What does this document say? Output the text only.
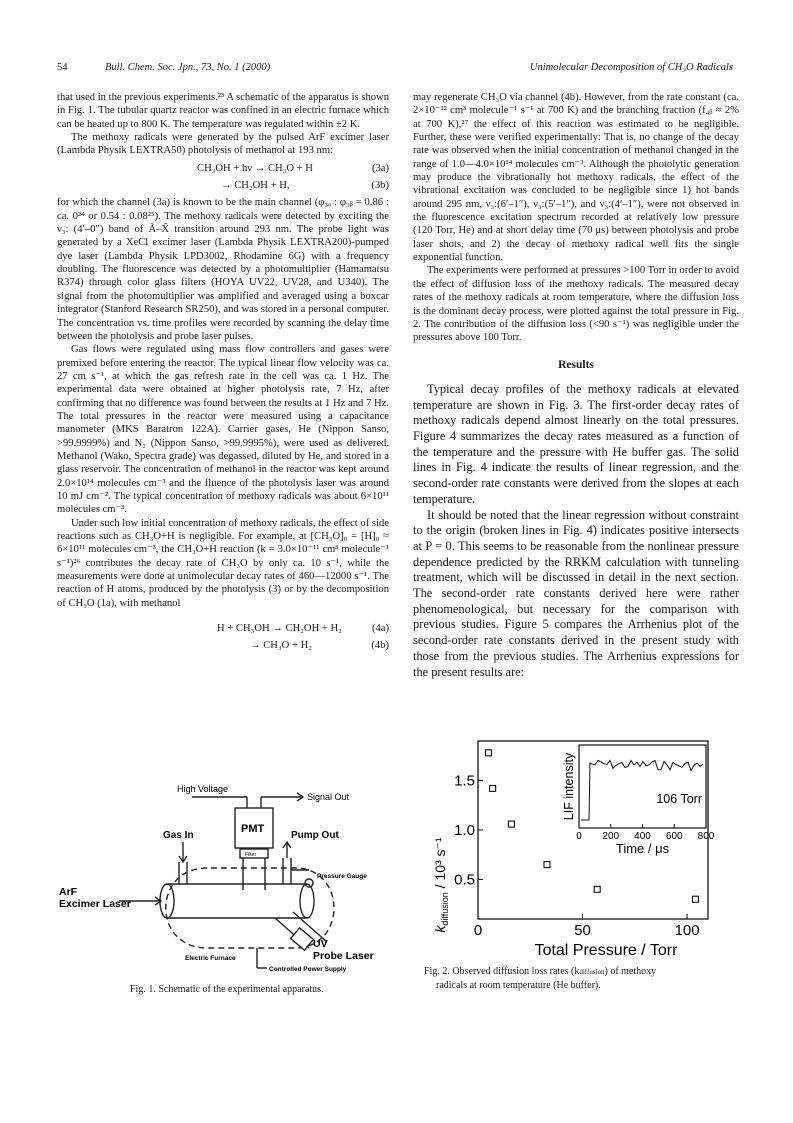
54	Bull. Chem. Soc. Jpn., 73, No. 1 (2000)	Unimolecular Decomposition of CH₃O Radicals

that used in the previous experiments.²³ A schematic of the apparatus is shown in Fig. 1. The tubular quartz reactor was confined in an electric furnace which can be heated up to 800 K. The temperature was regulated within ±2 K.

The methoxy radicals were generated by the pulsed ArF excimer laser (Lambda Physik LEXTRA50) photolysis of methanol at 193 nm:

CH₃OH + hν → CH₃O + H	(3a)
→ CH₂OH + H,	(3b)

for which the channel (3a) is known to be the main channel (φ₃ₐ : φ₃ᵦ = 0.86 : ca. 0²⁴ or 0.54 : 0.08²⁵). The methoxy radicals were detected by exciting the ν₃: (4′–0″) band of Ã–X̃ transition around 293 nm. The probe light was generated by a XeCl excimer laser (Lambda Physik LEXTRA200)-pumped dye laser (Lambda Physik LPD3002, Rhodamine 6G) with a frequency doubling. The fluorescence was detected by a photomultiplier (Hamamatsu R374) through color glass filters (HOYA UV22, UV28, and U340). The signal from the photomultiplier was amplified and averaged using a boxcar integrator (Stanford Research SR250), and was stored in a personal computer. The concentration vs. time profiles were recorded by scanning the delay time between the photolysis and probe laser pulses.

Gas flows were regulated using mass flow controllers and gases were premixed before entering the reactor. The typical linear flow velocity was ca. 27 cm s⁻¹, at which the gas refresh rate in the cell was ca. 1 Hz. The experimental data were obtained at higher photolysis rate, 7 Hz, after confirming that no difference was found between the results at 1 Hz and 7 Hz. The total pressures in the reactor were measured using a capacitance manometer (MKS Baratron 122A). Carrier gases, He (Nippon Sanso, >99.9999%) and N₂ (Nippon Sanso, >99.9995%), were used as delivered. Methanol (Wako, Spectra grade) was degassed, diluted by He, and stored in a glass reservoir. The concentration of methanol in the reactor was kept around 2.0×10¹⁴ molecules cm⁻³ and the fluence of the photolysis laser was around 10 mJ cm⁻². The typical concentration of methoxy radicals was about 6×10¹¹ molecules cm⁻³.

Under such low initial concentration of methoxy radicals, the effect of side reactions such as CH₃O+H is negligible. For example, at [CH₃O]₀ = [H]₀ ≈ 6×10¹¹ molecules cm⁻³, the CH₃O+H reaction (k = 3.0×10⁻¹¹ cm³ molecule⁻¹ s⁻¹)²⁶ contributes the decay rate of CH₃O by only ca. 10 s⁻¹, while the measurements were done at unimolecular decay rates of 460—12000 s⁻¹. The reaction of H atoms, produced by the photolysis (3) or by the decomposition of CH₃O (1a), with methanol

H + CH₃OH → CH₂OH + H₂	(4a)
→ CH₃O + H₂	(4b)
High Voltage
Signal Out
PMT
Filter
Gas In	Pump Out
Pressure Gauge
ArF
Excimer Laser
UV
Probe Laser
Electric Furnace
Controlled Power Supply
Fig. 1. Schematic of the experimental apparatus.

may regenerate CH₃O via channel (4b). However, from the rate constant (ca. 2×10⁻¹² cm³ molecule⁻¹ s⁻¹ at 700 K) and the branching fraction (f₄ᵦ ≈ 2% at 700 K),²⁷ the effect of this reaction was estimated to be negligible. Further, these were verified experimentally: That is, no change of the decay rate was observed when the initial concentration of methanol changed in the range of 1.0—4.0×10¹⁴ molecules cm⁻³. Although the photolytic generation may produce the vibrationally hot methoxy radicals, the effect of the vibrational excitation was concluded to be negligible since 1) hot bands around 295 nm, ν₃:(6′–1″), ν₃:(5′–1″), and ν₃:(4′–1″), were not observed in the fluorescence excitation spectrum recorded at relatively low pressure (120 Torr, He) and at short delay time (70 μs) between photolysis and probe laser shots, and 2) the decay of methoxy radical well fits the single exponential function.

The experiments were performed at pressures >100 Torr in order to avoid the effect of diffusion loss of the methoxy radicals. The measured decay rates of the methoxy radicals at room temperature, where the diffusion loss is the dominant decay process, were plotted against the total pressure in Fig. 2. The contribution of the diffusion loss (<90 s⁻¹) was negligible under the pressures above 100 Torr.

Results

Typical decay profiles of the methoxy radicals at elevated temperature are shown in Fig. 3. The first-order decay rates of methoxy radicals depend almost linearly on the total pressures. Figure 4 summarizes the decay rates measured as a function of the temperature and the pressure with He buffer gas. The solid lines in Fig. 4 indicate the results of linear regression, and the second-order rate constants were derived from the slopes at each temperature.

It should be noted that the linear regression without constraint to the origin (broken lines in Fig. 4) indicates positive intersects at P = 0. This seems to be reasonable from the nonlinear pressure dependence predicted by the RRKM calculation with tunneling treatment, which will be discussed in detail in the next section. The second-order rate constants derived here were rather phenomenological, but necessary for the comparison with previous studies. Figure 5 compares the Arrhenius plot of the second-order rate constants derived in the present study with those from the previous studies. The Arrhenius expressions for the present results are:

0	50	100
0.5
1.0
1.5
0 200 400 600 800
106 Torr
Time / μs
LIF intensity
$k_{diffusion} / 10^3$ s⁻¹
Total Pressure / Torr
Fig. 2. Observed diffusion loss rates (kdiffusion) of methoxy
radicals at room temperature (He buffer).
